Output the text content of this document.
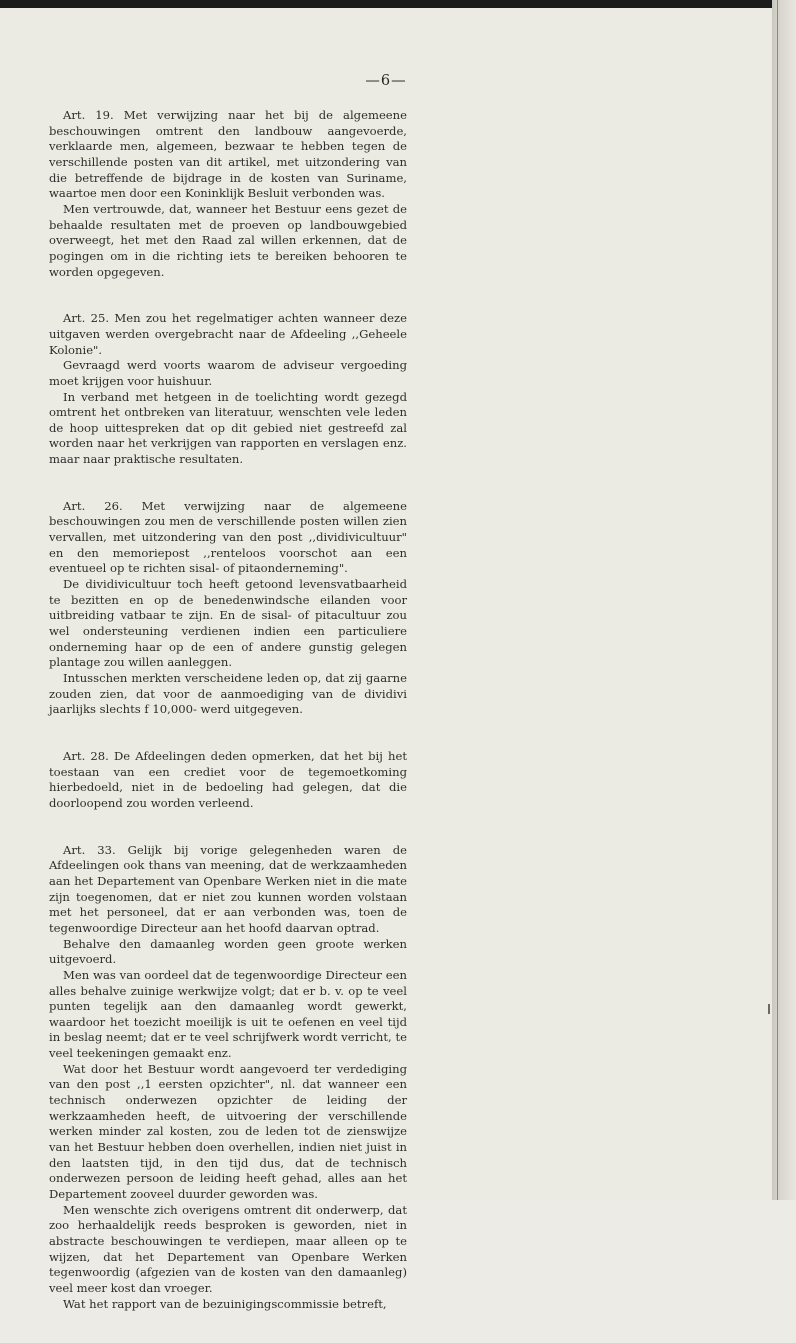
—6—

Art. 19. Met verwijzing naar het bij de algemeene beschouwingen omtrent den landbouw aangevoerde, verklaarde men, algemeen, bezwaar te hebben tegen de verschillende posten van dit artikel, met uitzondering van die betreffende de bijdrage in de kosten van Suriname, waartoe men door een Koninklijk Besluit verbonden was.

Men vertrouwde, dat, wanneer het Bestuur eens gezet de behaalde resultaten met de proeven op landbouwgebied overweegt, het met den Raad zal willen erkennen, dat de pogingen om in die richting iets te bereiken behooren te worden opgegeven.

Art. 25. Men zou het regelmatiger achten wanneer deze uitgaven werden overgebracht naar de Afdeeling ,,Geheele Kolonie".

Gevraagd werd voorts waarom de adviseur vergoeding moet krijgen voor huishuur.

In verband met hetgeen in de toelichting wordt gezegd omtrent het ontbreken van literatuur, wenschten vele leden de hoop uittespreken dat op dit gebied niet gestreefd zal worden naar het verkrijgen van rapporten en verslagen enz. maar naar praktische resultaten.

Art. 26. Met verwijzing naar de algemeene beschouwingen zou men de verschillende posten willen zien vervallen, met uitzondering van den post ,,dividivicultuur" en den memoriepost ,,renteloos voorschot aan een eventueel op te richten sisal- of pitaonderneming".

De dividivicultuur toch heeft getoond levensvatbaarheid te bezitten en op de benedenwindsche eilanden voor uitbreiding vatbaar te zijn. En de sisal- of pitacultuur zou wel ondersteuning verdienen indien een particuliere onderneming haar op de een of andere gunstig gelegen plantage zou willen aanleggen.

Intusschen merkten verscheidene leden op, dat zij gaarne zouden zien, dat voor de aanmoediging van de dividivi jaarlijks slechts f 10,000- werd uitgegeven.

Art. 28. De Afdeelingen deden opmerken, dat het bij het toestaan van een crediet voor de tegemoetkoming hierbedoeld, niet in de bedoeling had gelegen, dat die doorloopend zou worden verleend.

Art. 33. Gelijk bij vorige gelegenheden waren de Afdeelingen ook thans van meening, dat de werkzaamheden aan het Departement van Openbare Werken niet in die mate zijn toegenomen, dat er niet zou kunnen worden volstaan met het personeel, dat er aan verbonden was, toen de tegenwoordige Directeur aan het hoofd daarvan optrad.

Behalve den damaanleg worden geen groote werken uitgevoerd.

Men was van oordeel dat de tegenwoordige Directeur een alles behalve zuinige werkwijze volgt; dat er b. v. op te veel punten tegelijk aan den damaanleg wordt gewerkt, waardoor het toezicht moeilijk is uit te oefenen en veel tijd in beslag neemt; dat er te veel schrijfwerk wordt verricht, te veel teekeningen gemaakt enz.

Wat door het Bestuur wordt aangevoerd ter verdediging van den post ,,1 eersten opzichter", nl. dat wanneer een technisch onderwezen opzichter de leiding der werkzaamheden heeft, de uitvoering der verschillende werken minder zal kosten, zou de leden tot de zienswijze van het Bestuur hebben doen overhellen, indien niet juist in den laatsten tijd, in den tijd dus, dat de technisch onderwezen persoon de leiding heeft gehad, alles aan het Departement zooveel duurder geworden was.

Men wenschte zich overigens omtrent dit onderwerp, dat zoo herhaaldelijk reeds besproken is geworden, niet in abstracte beschouwingen te verdiepen, maar alleen op te wijzen, dat het Departement van Openbare Werken tegenwoordig (afgezien van de kosten van den damaanleg) veel meer kost dan vroeger.

Wat het rapport van de bezuinigingscommissie betreft,
